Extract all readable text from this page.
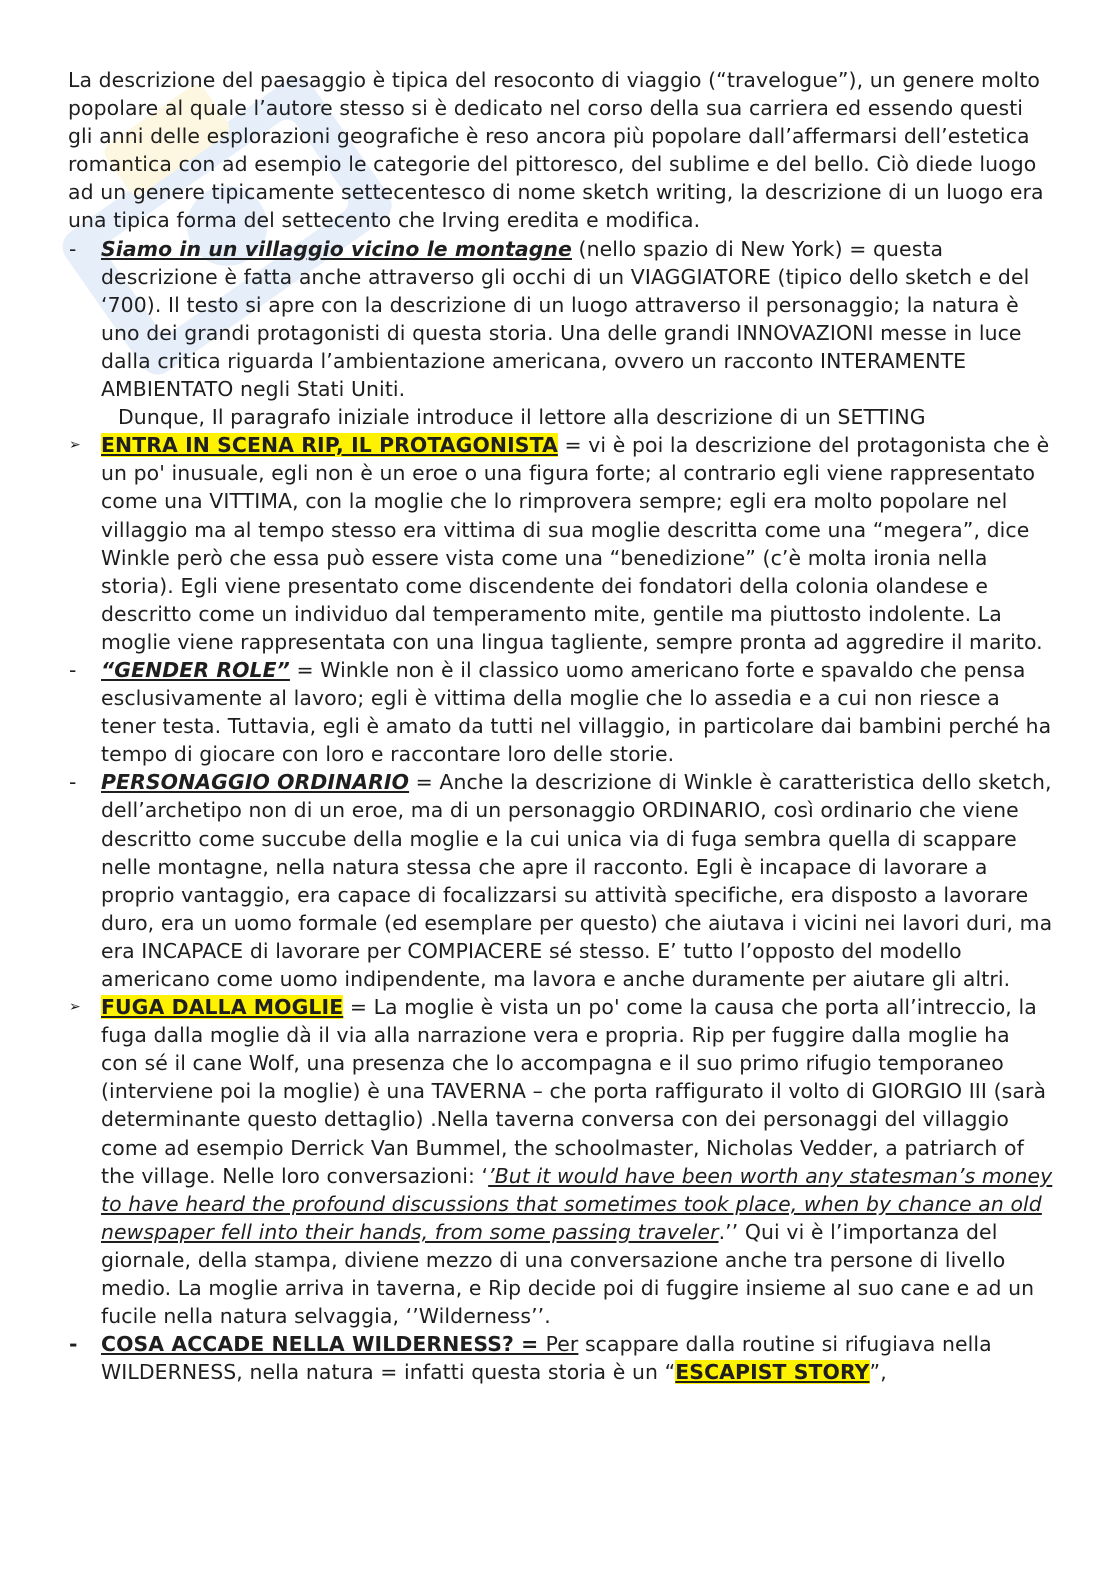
La descrizione del paesaggio è tipica del resoconto di viaggio (“travelogue”), un genere molto popolare al quale l’autore stesso si è dedicato nel corso della sua carriera ed essendo questi gli anni delle esplorazioni geografiche è reso ancora più popolare dall’affermarsi dell’estetica romantica con ad esempio le categorie del pittoresco, del sublime e del bello. Ciò diede luogo ad un genere tipicamente settecentesco di nome sketch writing, la descrizione di un luogo era una tipica forma del settecento che Irving eredita e modifica.

-	Siamo in un villaggio vicino le montagne (nello spazio di New York) = questa descrizione è fatta anche attraverso gli occhi di un VIAGGIATORE (tipico dello sketch e del ‘700). Il testo si apre con la descrizione di un luogo attraverso il personaggio; la natura è uno dei grandi protagonisti di questa storia. Una delle grandi INNOVAZIONI messe in luce dalla critica riguarda l’ambientazione americana, ovvero un racconto INTERAMENTE AMBIENTATO negli Stati Uniti.
Dunque, Il paragrafo iniziale introduce il lettore alla descrizione di un SETTING
➢ ENTRA IN SCENA RIP, IL PROTAGONISTA = vi è poi la descrizione del protagonista che è un po' inusuale, egli non è un eroe o una figura forte; al contrario egli viene rappresentato come una VITTIMA, con la moglie che lo rimprovera sempre; egli era molto popolare nel villaggio ma al tempo stesso era vittima di sua moglie descritta come una “megera”, dice Winkle però che essa può essere vista come una “benedizione” (c’è molta ironia nella storia). Egli viene presentato come discendente dei fondatori della colonia olandese e descritto come un individuo dal temperamento mite, gentile ma piuttosto indolente. La moglie viene rappresentata con una lingua tagliente, sempre pronta ad aggredire il marito.
-	“GENDER ROLE” = Winkle non è il classico uomo americano forte e spavaldo che pensa esclusivamente al lavoro; egli è vittima della moglie che lo assedia e a cui non riesce a tener testa. Tuttavia, egli è amato da tutti nel villaggio, in particolare dai bambini perché ha tempo di giocare con loro e raccontare loro delle storie.
-	PERSONAGGIO ORDINARIO = Anche la descrizione di Winkle è caratteristica dello sketch, dell’archetipo non di un eroe, ma di un personaggio ORDINARIO, così ordinario che viene descritto come succube della moglie e la cui unica via di fuga sembra quella di scappare nelle montagne, nella natura stessa che apre il racconto. Egli è incapace di lavorare a proprio vantaggio, era capace di focalizzarsi su attività specifiche, era disposto a lavorare duro, era un uomo formale (ed esemplare per questo) che aiutava i vicini nei lavori duri, ma era INCAPACE di lavorare per COMPIACERE sé stesso. E’ tutto l’opposto del modello americano come uomo indipendente, ma lavora e anche duramente per aiutare gli altri.
➢ FUGA DALLA MOGLIE = La moglie è vista un po' come la causa che porta all’intreccio, la fuga dalla moglie dà il via alla narrazione vera e propria. Rip per fuggire dalla moglie ha con sé il cane Wolf, una presenza che lo accompagna e il suo primo rifugio temporaneo (interviene poi la moglie) è una TAVERNA – che porta raffigurato il volto di GIORGIO III (sarà determinante questo dettaglio) .Nella taverna conversa con dei personaggi del villaggio come ad esempio Derrick Van Bummel, the schoolmaster, Nicholas Vedder, a patriarch of the village. Nelle loro conversazioni: ‘’But it would have been worth any statesman’s money to have heard the profound discussions that sometimes took place, when by chance an old newspaper fell into their hands, from some passing traveler.’’ Qui vi è l’importanza del giornale, della stampa, diviene mezzo di una conversazione anche tra persone di livello medio. La moglie arriva in taverna, e Rip decide poi di fuggire insieme al suo cane e ad un fucile nella natura selvaggia, ‘’Wilderness’’.
-	COSA ACCADE NELLA WILDERNESS? = Per scappare dalla routine si rifugiava nella WILDERNESS, nella natura = infatti questa storia è un “ESCAPIST STORY”,
